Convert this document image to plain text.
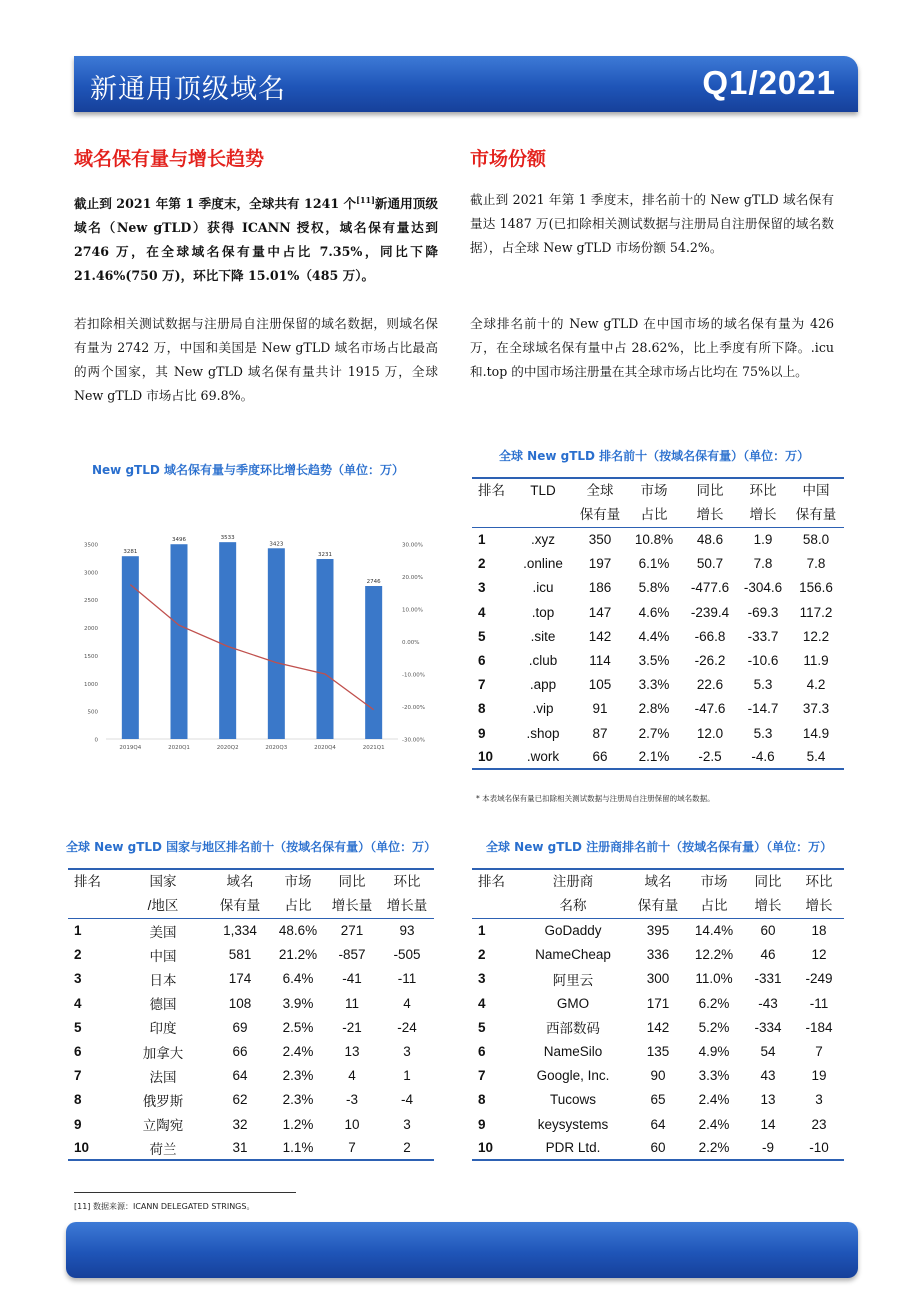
新通用顶级域名	Q1/2021
域名保有量与增长趋势
截止到 2021 年第 1 季度末，全球共有 1241 个[11]新通用顶级域名（New gTLD）获得 ICANN 授权，域名保有量达到 2746 万，在全球域名保有量中占比 7.35%，同比下降 21.46%(750 万)，环比下降 15.01%（485 万）。
若扣除相关测试数据与注册局自注册保留的域名数据，则域名保有量为 2742 万，中国和美国是 New gTLD 域名市场占比最高的两个国家，其 New gTLD 域名保有量共计 1915 万，全球 New gTLD 市场占比 69.8%。
市场份额
截止到 2021 年第 1 季度末，排名前十的 New gTLD 域名保有量达 1487 万(已扣除相关测试数据与注册局自注册保留的域名数据），占全球 New gTLD 市场份额 54.2%。
全球排名前十的 New gTLD 在中国市场的域名保有量为 426 万，在全球域名保有量中占 28.62%，比上季度有所下降。.icu 和.top 的中国市场注册量在其全球市场占比均在 75%以上。
New gTLD 域名保有量与季度环比增长趋势（单位：万）
0
500
1000
1500
2000
2500
3000
3500
-30.00%
-20.00%
-10.00%
0.00%
10.00%
20.00%
30.00%
3281
2019Q4
3496
2020Q1
3533
2020Q2
3423
2020Q3
3231
2020Q4
2746
2021Q1
全球 New gTLD 排名前十（按域名保有量）（单位：万）
排名	TLD	全球	市场	同比	环比	中国
		保有量	占比	增长	增长	保有量
1	.xyz	350	10.8%	48.6	1.9	58.0
2	.online	197	6.1%	50.7	7.8	7.8
3	.icu	186	5.8%	-477.6	-304.6	156.6
4	.top	147	4.6%	-239.4	-69.3	117.2
5	.site	142	4.4%	-66.8	-33.7	12.2
6	.club	114	3.5%	-26.2	-10.6	11.9
7	.app	105	3.3%	22.6	5.3	4.2
8	.vip	91	2.8%	-47.6	-14.7	37.3
9	.shop	87	2.7%	12.0	5.3	14.9
10	.work	66	2.1%	-2.5	-4.6	5.4
* 本表域名保有量已扣除相关测试数据与注册局自注册保留的域名数据。
全球 New gTLD 国家与地区排名前十（按域名保有量）（单位：万）
排名	国家	域名	市场	同比	环比
	/地区	保有量	占比	增长量	增长量
1	美国	1,334	48.6%	271	93
2	中国	581	21.2%	-857	-505
3	日本	174	6.4%	-41	-11
4	德国	108	3.9%	11	4
5	印度	69	2.5%	-21	-24
6	加拿大	66	2.4%	13	3
7	法国	64	2.3%	4	1
8	俄罗斯	62	2.3%	-3	-4
9	立陶宛	32	1.2%	10	3
10	荷兰	31	1.1%	7	2
全球 New gTLD 注册商排名前十（按域名保有量）（单位：万）
排名	注册商	域名	市场	同比	环比
	名称	保有量	占比	增长	增长
1	GoDaddy	395	14.4%	60	18
2	NameCheap	336	12.2%	46	12
3	阿里云	300	11.0%	-331	-249
4	GMO	171	6.2%	-43	-11
5	西部数码	142	5.2%	-334	-184
6	NameSilo	135	4.9%	54	7
7	Google, Inc.	90	3.3%	43	19
8	Tucows	65	2.4%	13	3
9	keysystems	64	2.4%	14	23
10	PDR Ltd.	60	2.2%	-9	-10
[11] 数据来源：ICANN DELEGATED STRINGS。
